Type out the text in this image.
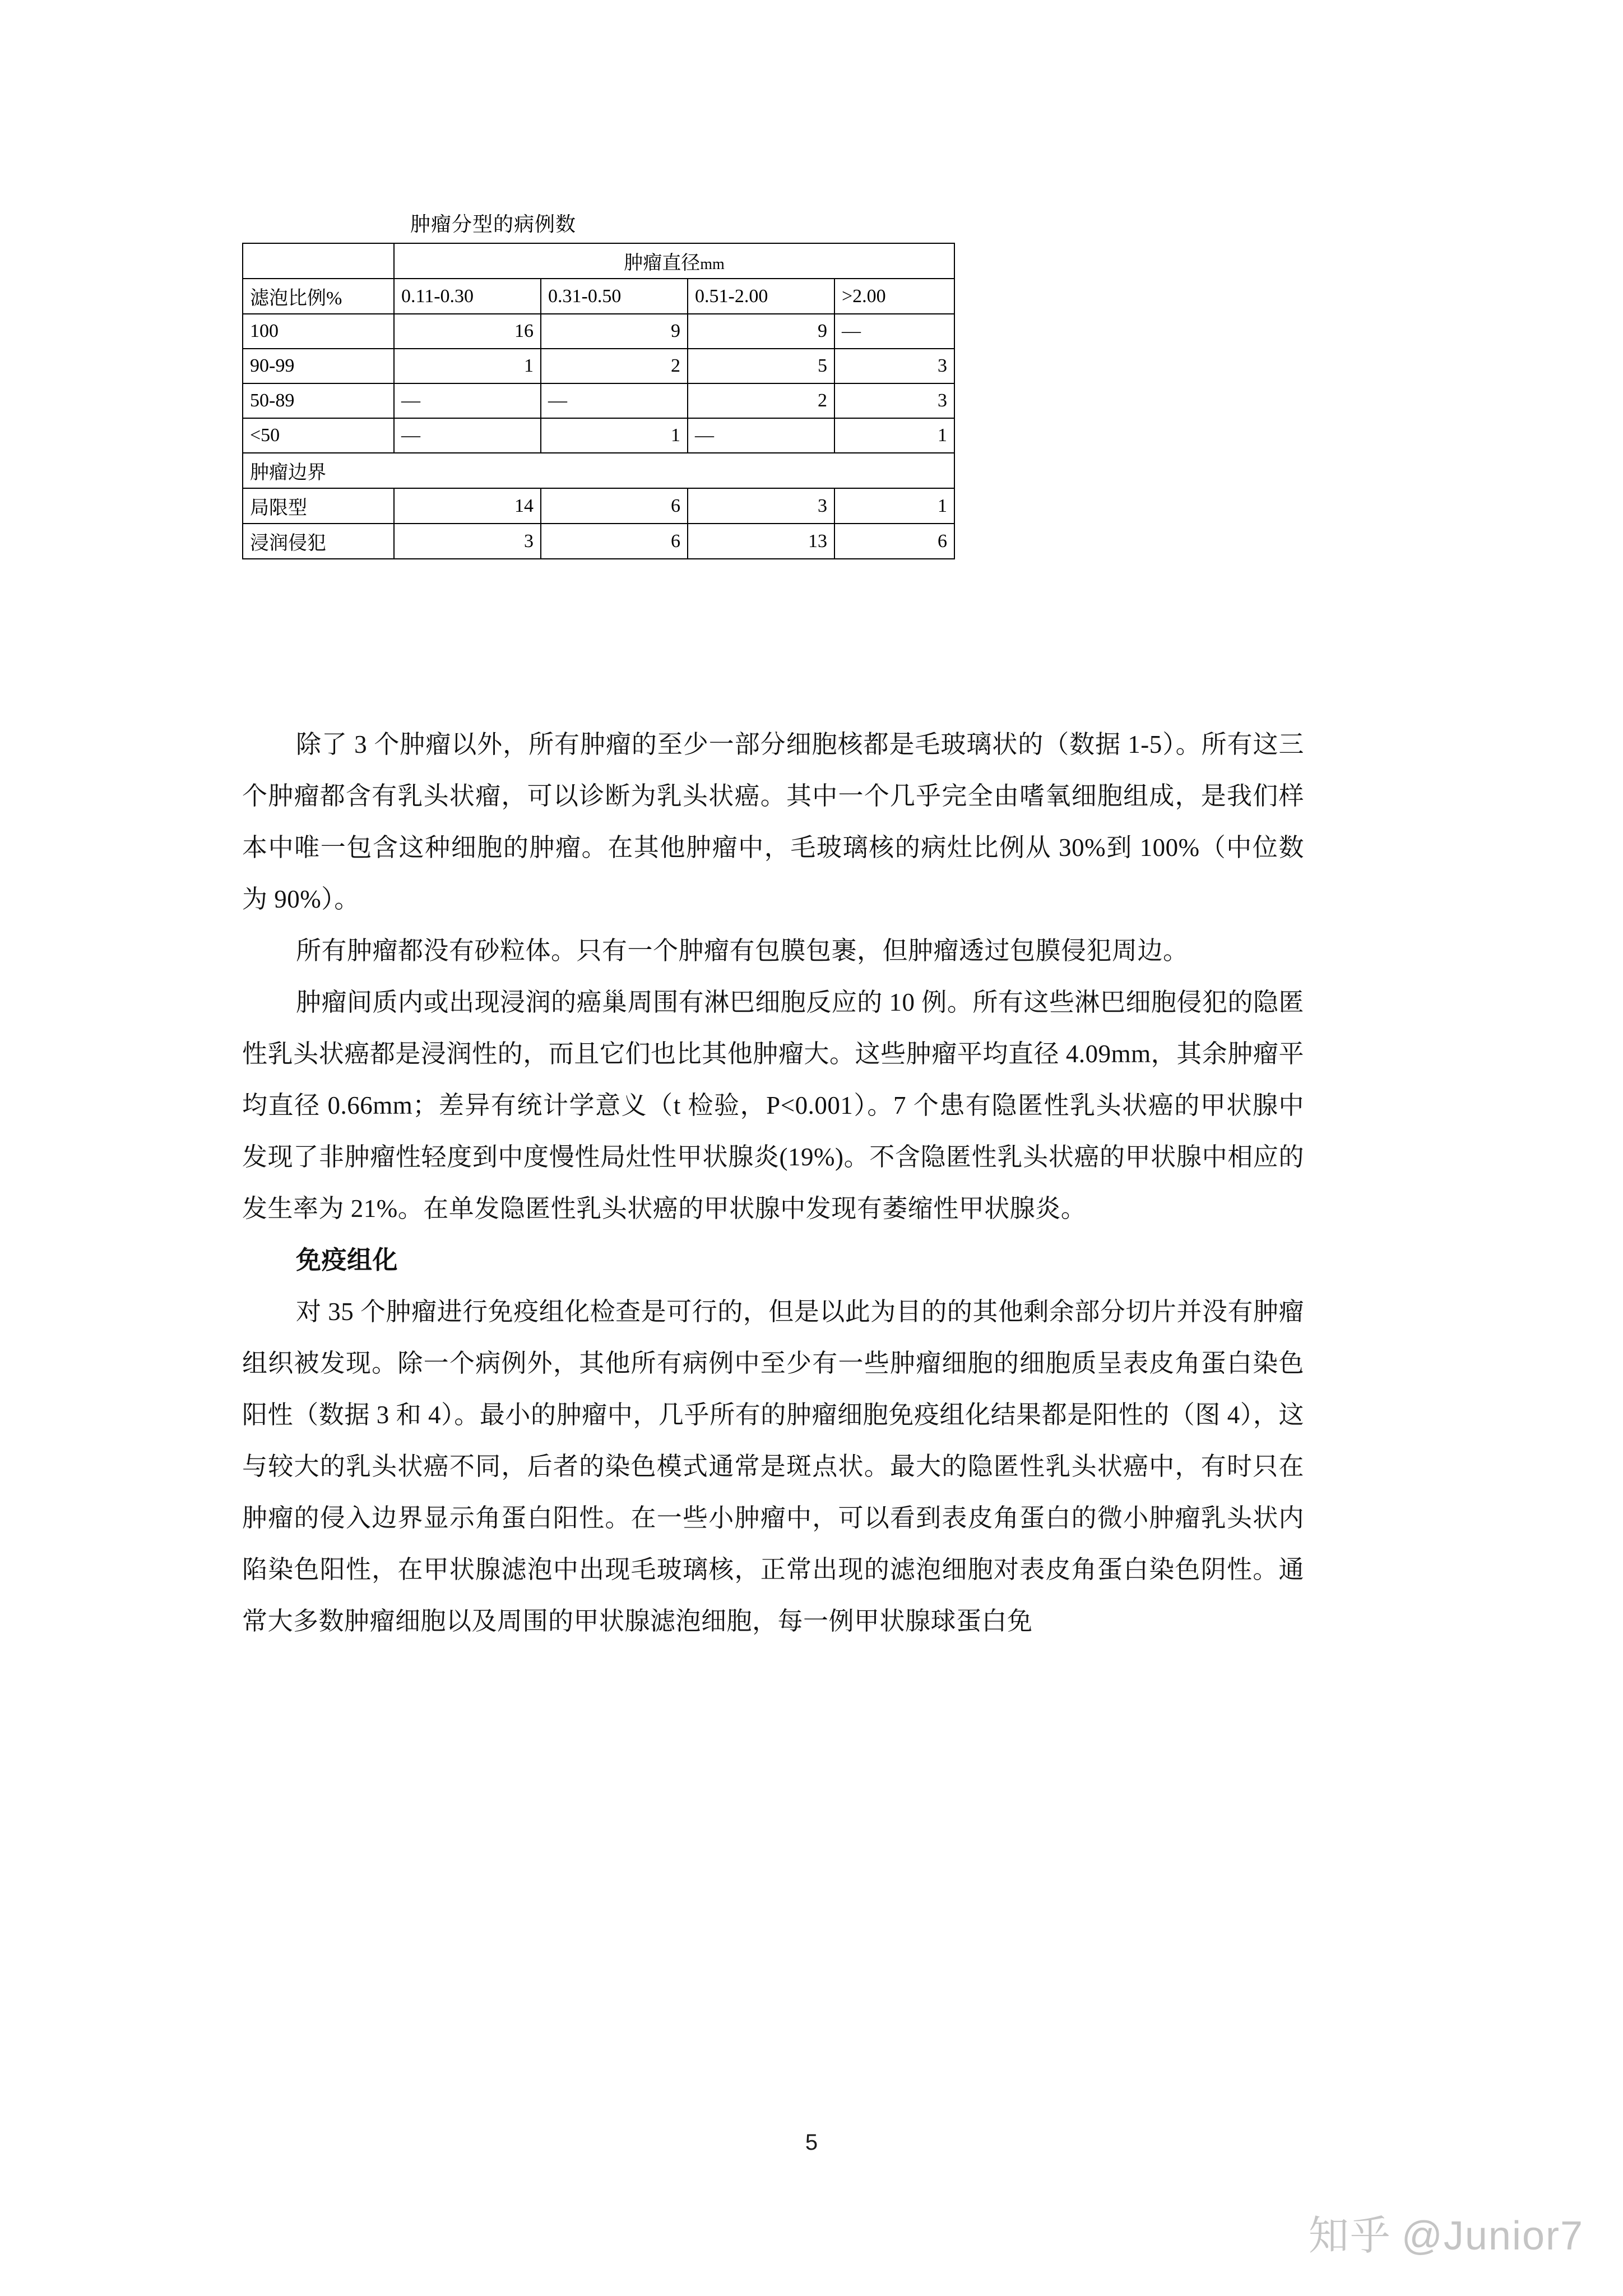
肿瘤分型的病例数
	肿瘤直径mm			
滤泡比例%	0.11-0.30	0.31-0.50	0.51-2.00	>2.00
100	16	9	9	—
90-99	1	2	5	3
50-89	—	—	2	3
<50	—	1	—	1
肿瘤边界				
局限型	14	6	3	1
浸润侵犯	3	6	13	6

除了 3 个肿瘤以外，所有肿瘤的至少一部分细胞核都是毛玻璃状的（数据 1-5）。所有这三个肿瘤都含有乳头状瘤，可以诊断为乳头状癌。其中一个几乎完全由嗜氧细胞组成，是我们样本中唯一包含这种细胞的肿瘤。在其他肿瘤中，毛玻璃核的病灶比例从 30%到 100%（中位数为 90%）。

所有肿瘤都没有砂粒体。只有一个肿瘤有包膜包裹，但肿瘤透过包膜侵犯周边。

肿瘤间质内或出现浸润的癌巢周围有淋巴细胞反应的 10 例。所有这些淋巴细胞侵犯的隐匿性乳头状癌都是浸润性的，而且它们也比其他肿瘤大。这些肿瘤平均直径 4.09mm，其余肿瘤平均直径 0.66mm；差异有统计学意义（t 检验，P<0.001）。7 个患有隐匿性乳头状癌的甲状腺中发现了非肿瘤性轻度到中度慢性局灶性甲状腺炎(19%)。不含隐匿性乳头状癌的甲状腺中相应的发生率为 21%。在单发隐匿性乳头状癌的甲状腺中发现有萎缩性甲状腺炎。

免疫组化

对 35 个肿瘤进行免疫组化检查是可行的，但是以此为目的的其他剩余部分切片并没有肿瘤组织被发现。除一个病例外，其他所有病例中至少有一些肿瘤细胞的细胞质呈表皮角蛋白染色阳性（数据 3 和 4）。最小的肿瘤中，几乎所有的肿瘤细胞免疫组化结果都是阳性的（图 4），这与较大的乳头状癌不同，后者的染色模式通常是斑点状。最大的隐匿性乳头状癌中，有时只在肿瘤的侵入边界显示角蛋白阳性。在一些小肿瘤中，可以看到表皮角蛋白的微小肿瘤乳头状内陷染色阳性，在甲状腺滤泡中出现毛玻璃核，正常出现的滤泡细胞对表皮角蛋白染色阴性。通常大多数肿瘤细胞以及周围的甲状腺滤泡细胞，每一例甲状腺球蛋白免

5
知乎 @Junior7
